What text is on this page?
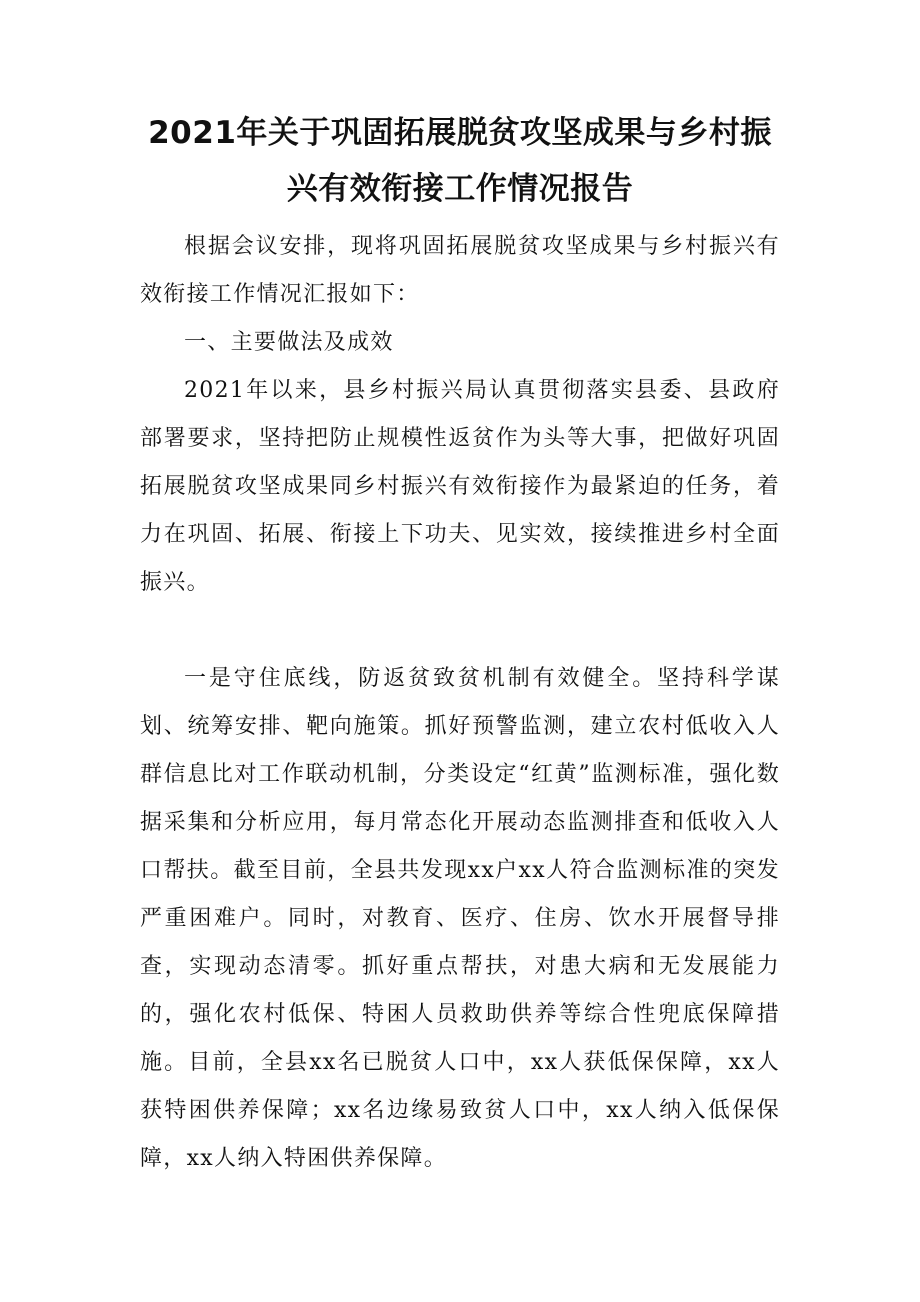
2021年关于巩固拓展脱贫攻坚成果与乡村振
兴有效衔接工作情况报告

根据会议安排，现将巩固拓展脱贫攻坚成果与乡村振兴有效衔接工作情况汇报如下：

一、主要做法及成效

2021年以来，县乡村振兴局认真贯彻落实县委、县政府部署要求，坚持把防止规模性返贫作为头等大事，把做好巩固拓展脱贫攻坚成果同乡村振兴有效衔接作为最紧迫的任务，着力在巩固、拓展、衔接上下功夫、见实效，接续推进乡村全面振兴。

一是守住底线，防返贫致贫机制有效健全。坚持科学谋划、统筹安排、靶向施策。抓好预警监测，建立农村低收入人群信息比对工作联动机制，分类设定“红黄”监测标准，强化数据采集和分析应用，每月常态化开展动态监测排查和低收入人口帮扶。截至目前，全县共发现xx户xx人符合监测标准的突发严重困难户。同时，对教育、医疗、住房、饮水开展督导排查，实现动态清零。抓好重点帮扶，对患大病和无发展能力的，强化农村低保、特困人员救助供养等综合性兜底保障措施。目前，全县xx名已脱贫人口中，xx人获低保保障，xx人获特困供养保障；xx名边缘易致贫人口中，xx人纳入低保保障，xx人纳入特困供养保障。
